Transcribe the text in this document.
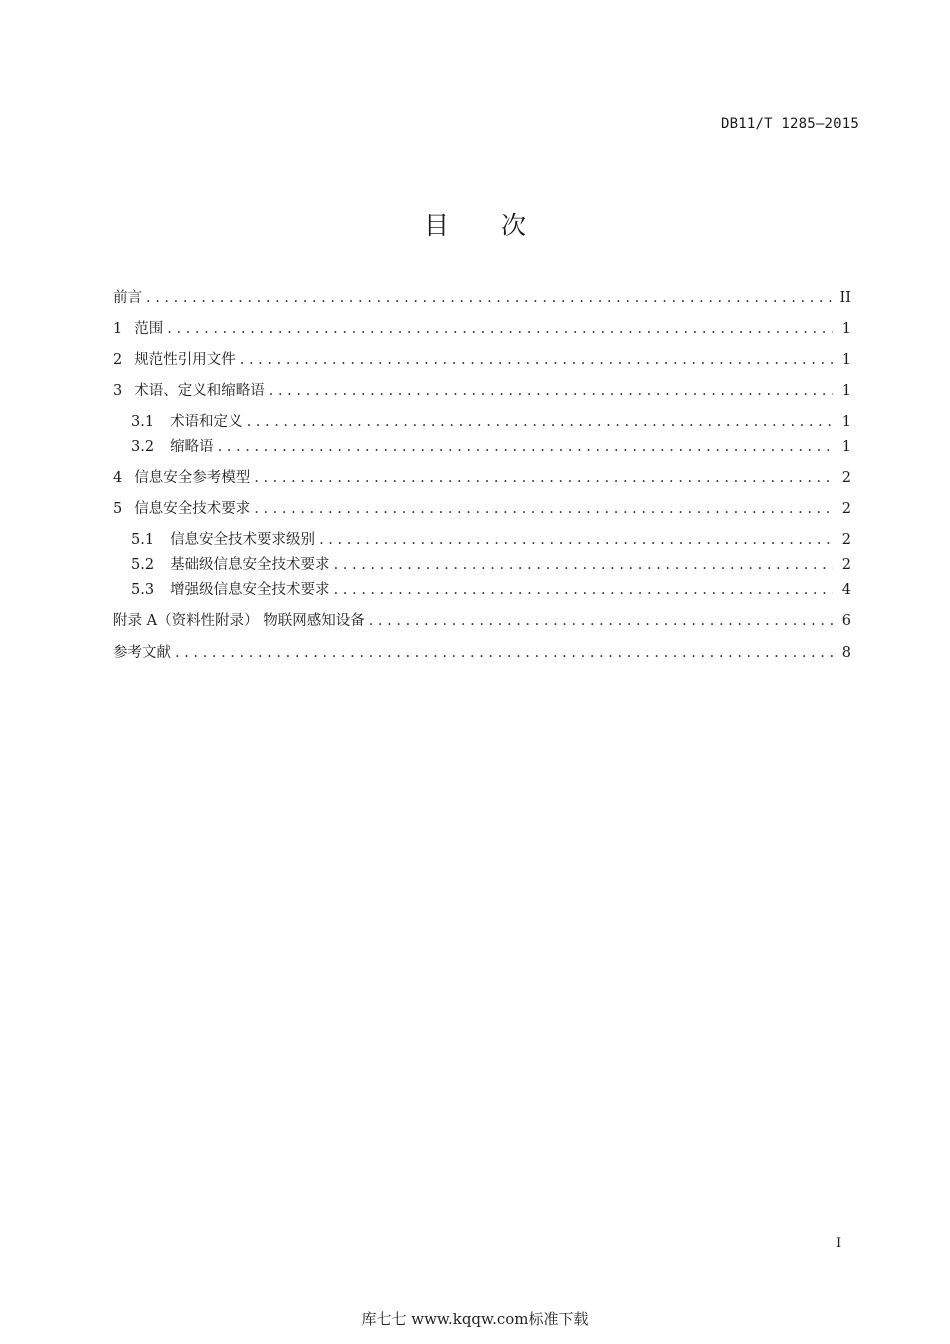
DB11/T 1285—2015
目 次
前言 . . .	II
1 范围 . . .	1
2 规范性引用文件 . . .	1
3 术语、定义和缩略语 . . .	1
3.1 术语和定义 . . .	1
3.2 缩略语 . . .	1
4 信息安全参考模型 . . .	2
5 信息安全技术要求 . . .	2
5.1 信息安全技术要求级别 . . .	2
5.2 基础级信息安全技术要求 . . .	2
5.3 增强级信息安全技术要求 . . .	4
附录 A（资料性附录） 物联网感知设备 . . .	6
参考文献 . . .	8
I
库七七 www.kqqw.com标准下载
